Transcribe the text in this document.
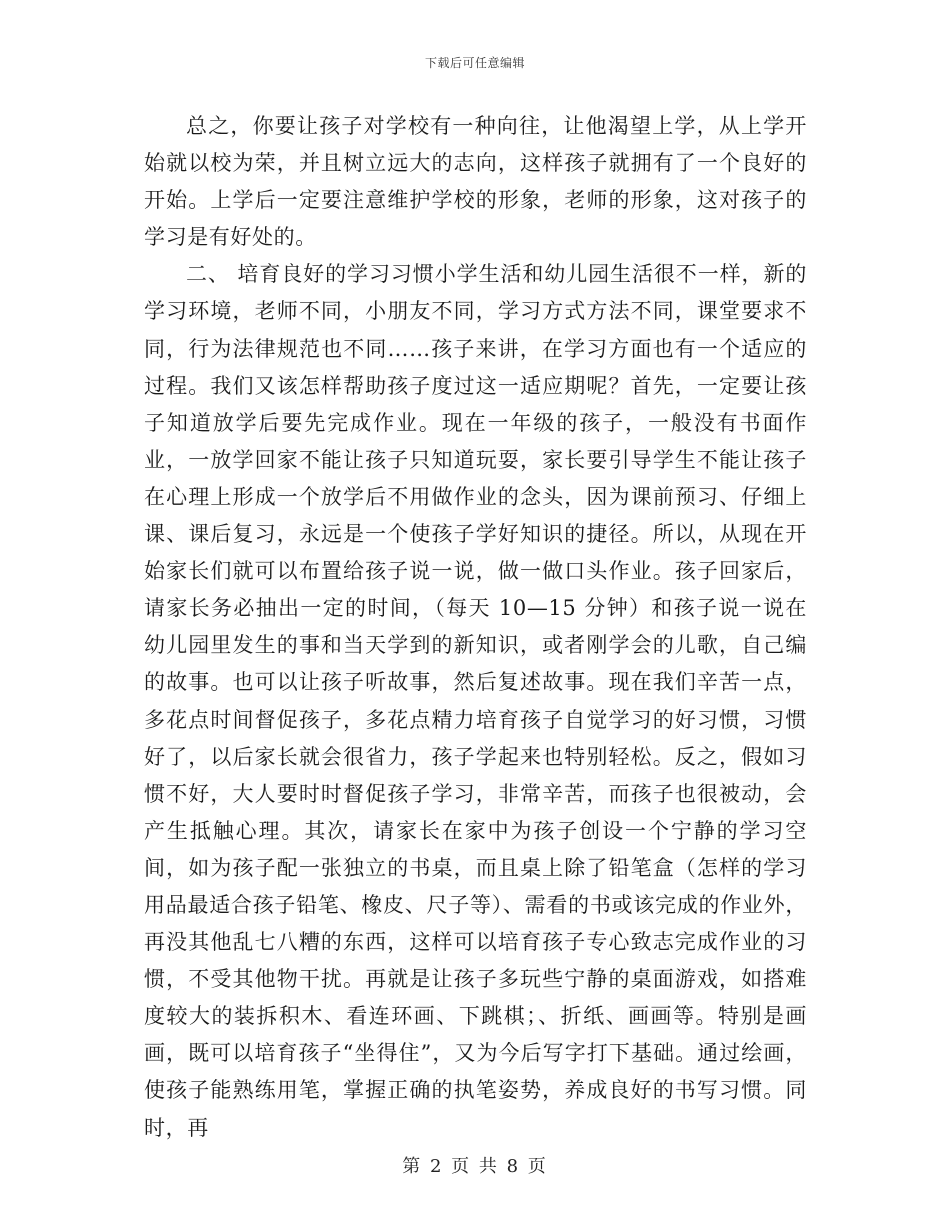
下载后可任意编辑

总之，你要让孩子对学校有一种向往，让他渴望上学，从上学开始就以校为荣，并且树立远大的志向，这样孩子就拥有了一个良好的开始。上学后一定要注意维护学校的形象，老师的形象，这对孩子的学习是有好处的。

二、 培育良好的学习习惯小学生活和幼儿园生活很不一样，新的学习环境，老师不同，小朋友不同，学习方式方法不同，课堂要求不同，行为法律规范也不同……孩子来讲，在学习方面也有一个适应的过程。我们又该怎样帮助孩子度过这一适应期呢？首先，一定要让孩子知道放学后要先完成作业。现在一年级的孩子，一般没有书面作业，一放学回家不能让孩子只知道玩耍，家长要引导学生不能让孩子在心理上形成一个放学后不用做作业的念头，因为课前预习、仔细上课、课后复习，永远是一个使孩子学好知识的捷径。所以，从现在开始家长们就可以布置给孩子说一说，做一做口头作业。孩子回家后，请家长务必抽出一定的时间，（每天 10—15 分钟）和孩子说一说在幼儿园里发生的事和当天学到的新知识，或者刚学会的儿歌，自己编的故事。也可以让孩子听故事，然后复述故事。现在我们辛苦一点，多花点时间督促孩子，多花点精力培育孩子自觉学习的好习惯，习惯好了，以后家长就会很省力，孩子学起来也特别轻松。反之，假如习惯不好，大人要时时督促孩子学习，非常辛苦，而孩子也很被动，会产生抵触心理。其次，请家长在家中为孩子创设一个宁静的学习空间，如为孩子配一张独立的书桌，而且桌上除了铅笔盒（怎样的学习用品最适合孩子铅笔、橡皮、尺子等）、需看的书或该完成的作业外，再没其他乱七八糟的东西，这样可以培育孩子专心致志完成作业的习惯，不受其他物干扰。再就是让孩子多玩些宁静的桌面游戏，如搭难度较大的装拆积木、看连环画、下跳棋；、折纸、画画等。特别是画画，既可以培育孩子“坐得住”，又为今后写字打下基础。通过绘画，使孩子能熟练用笔，掌握正确的执笔姿势，养成良好的书写习惯。同时，再

第 2 页 共 8 页
